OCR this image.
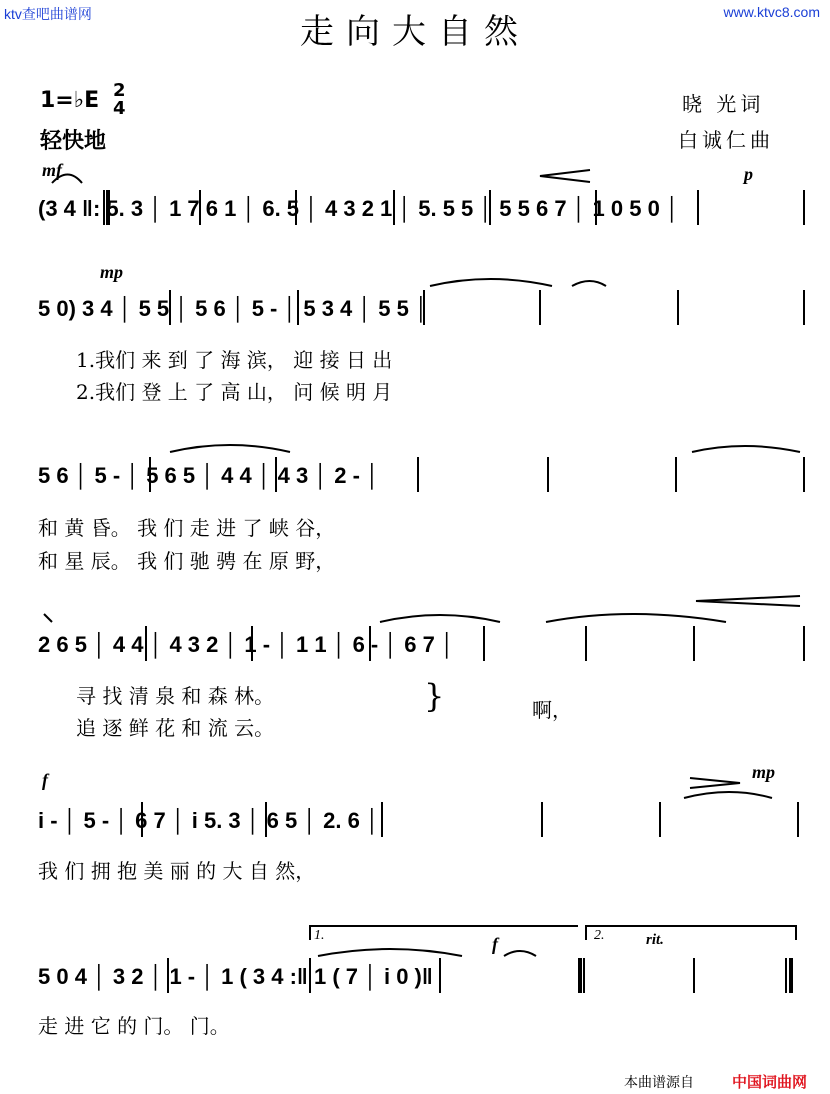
ktv查吧曲谱网	www.ktvc8.com
走向大自然
1=♭E 2
4
轻快地
晓 光词
白诚仁曲
mf	p
mp
f	mp
f	rit.
1.	2.
(3 4 ‖: 5. 3 │ 1 7 6 1 │ 6. 5 │ 4 3 2 1 │ 5. 5 5 │ 5 5 6 7 │ 1 0 5 0 │
5 0) 3 4 │ 5 5 │ 5 6 │ 5 - │ 5 3 4 │ 5 5 │
1.我们 来 到 了 海 滨， 迎 接 日 出
2.我们 登 上 了 高 山， 问 候 明 月
5 6 │ 5 - │ 5 6 5 │ 4 4 │ 4 3 │ 2 - │
和 黄 昏。 我 们 走 进 了 峡 谷，
和 星 辰。 我 们 驰 骋 在 原 野，
2 6 5 │ 4 4 │ 4 3 2 │ 1 - │ 1 1 │ 6 - │ 6 7 │
寻 找 清 泉 和 森 林。
追 逐 鲜 花 和 流 云。
}	啊，
i - │ 5 - │ 6 7 │ i 5. 3 │ 6 5 │ 2. 6 │
我 们 拥 抱 美 丽 的 大 自 然，
5 0 4 │ 3 2 │ 1 - │ 1 ( 3 4 :‖ 1 ( 7 │ i 0 )‖
走 进 它 的 门。 门。
本曲谱源自	中国词曲网
